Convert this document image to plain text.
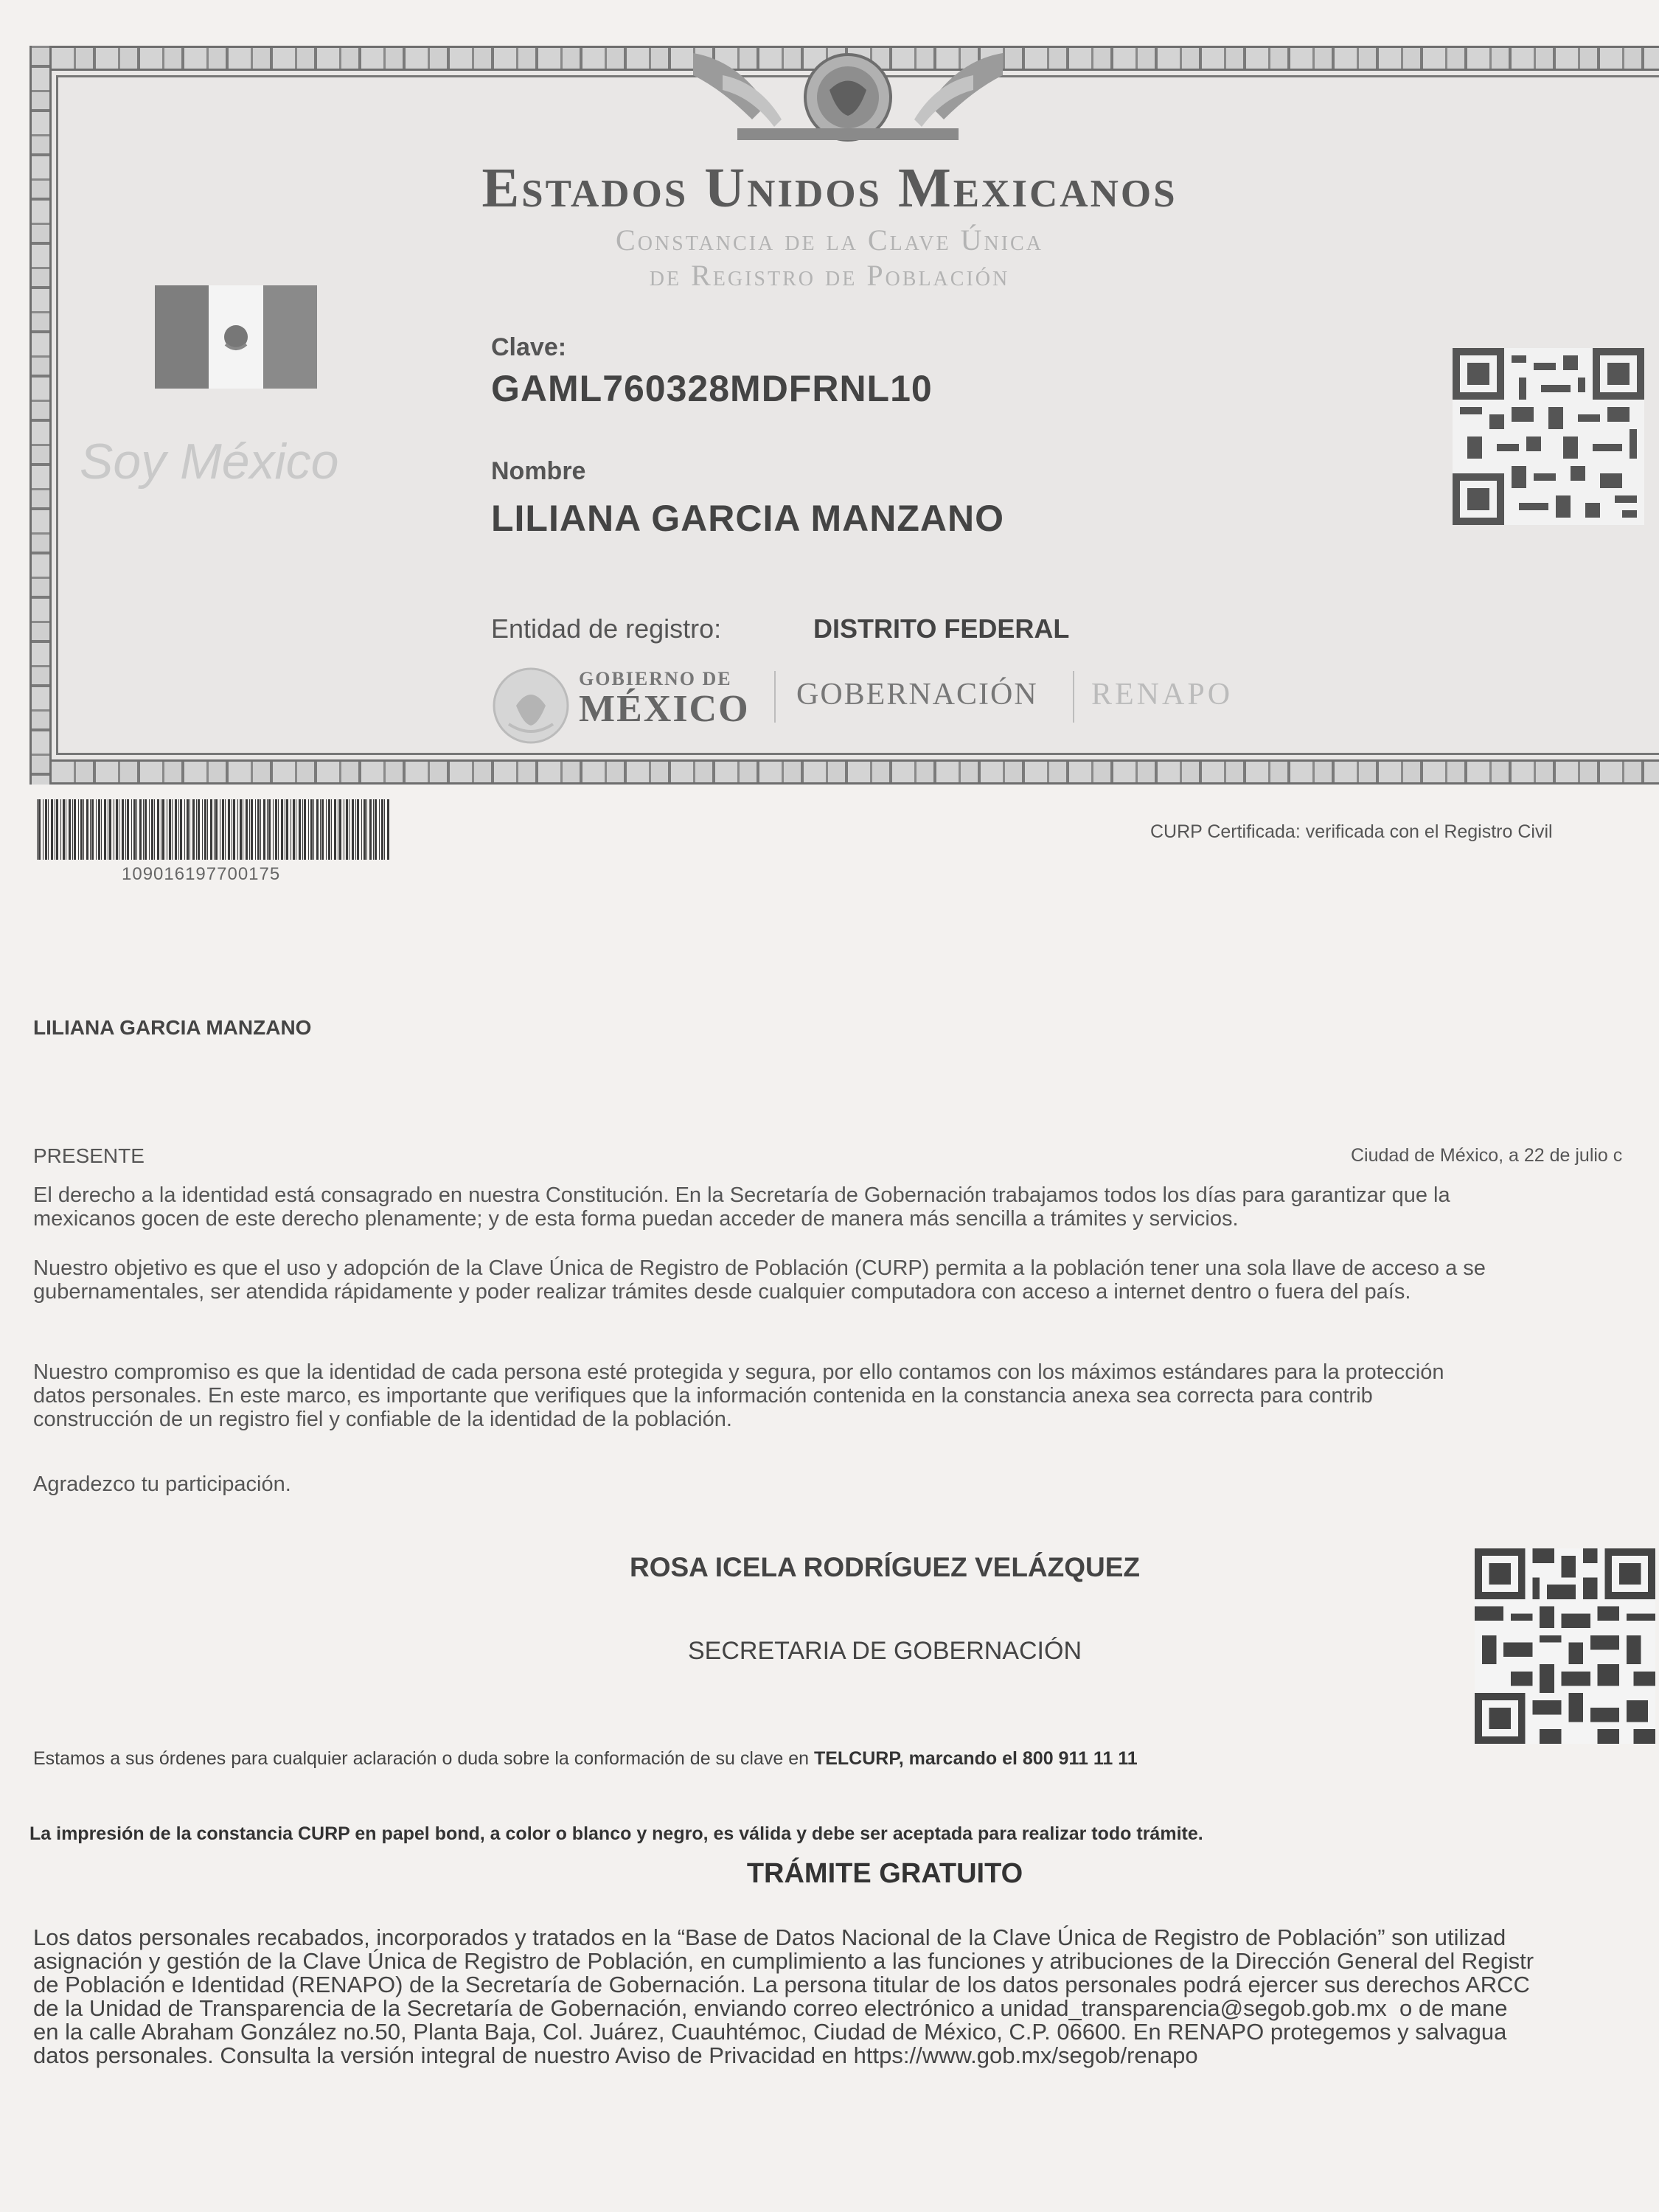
Estados Unidos Mexicanos
Constancia de la Clave Única
de Registro de Población
Soy México
Clave:
GAML760328MDFRNL10
Nombre
LILIANA GARCIA MANZANO
Entidad de registro:	DISTRITO FEDERAL
GOBIERNO DE
MÉXICO GOBERNACIÓN RENAPO
109016197700175
CURP Certificada: verificada con el Registro Civil
LILIANA GARCIA MANZANO
PRESENTE	Ciudad de México, a 22 de julio c
El derecho a la identidad está consagrado en nuestra Constitución. En la Secretaría de Gobernación trabajamos todos los días para garantizar que la
mexicanos gocen de este derecho plenamente; y de esta forma puedan acceder de manera más sencilla a trámites y servicios.
Nuestro objetivo es que el uso y adopción de la Clave Única de Registro de Población (CURP) permita a la población tener una sola llave de acceso a se
gubernamentales, ser atendida rápidamente y poder realizar trámites desde cualquier computadora con acceso a internet dentro o fuera del país.
Nuestro compromiso es que la identidad de cada persona esté protegida y segura, por ello contamos con los máximos estándares para la protección
datos personales. En este marco, es importante que verifiques que la información contenida en la constancia anexa sea correcta para contrib
construcción de un registro fiel y confiable de la identidad de la población.
Agradezco tu participación.
ROSA ICELA RODRÍGUEZ VELÁZQUEZ
SECRETARIA DE GOBERNACIÓN
Estamos a sus órdenes para cualquier aclaración o duda sobre la conformación de su clave en TELCURP, marcando el 800 911 11 11
La impresión de la constancia CURP en papel bond, a color o blanco y negro, es válida y debe ser aceptada para realizar todo trámite.
TRÁMITE GRATUITO
Los datos personales recabados, incorporados y tratados en la “Base de Datos Nacional de la Clave Única de Registro de Población” son utilizad
asignación y gestión de la Clave Única de Registro de Población, en cumplimiento a las funciones y atribuciones de la Dirección General del Registr
de Población e Identidad (RENAPO) de la Secretaría de Gobernación. La persona titular de los datos personales podrá ejercer sus derechos ARCC
de la Unidad de Transparencia de la Secretaría de Gobernación, enviando correo electrónico a unidad_transparencia@segob.gob.mx  o de mane
en la calle Abraham González no.50, Planta Baja, Col. Juárez, Cuauhtémoc, Ciudad de México, C.P. 06600. En RENAPO protegemos y salvagua
datos personales. Consulta la versión integral de nuestro Aviso de Privacidad en https://www.gob.mx/segob/renapo
